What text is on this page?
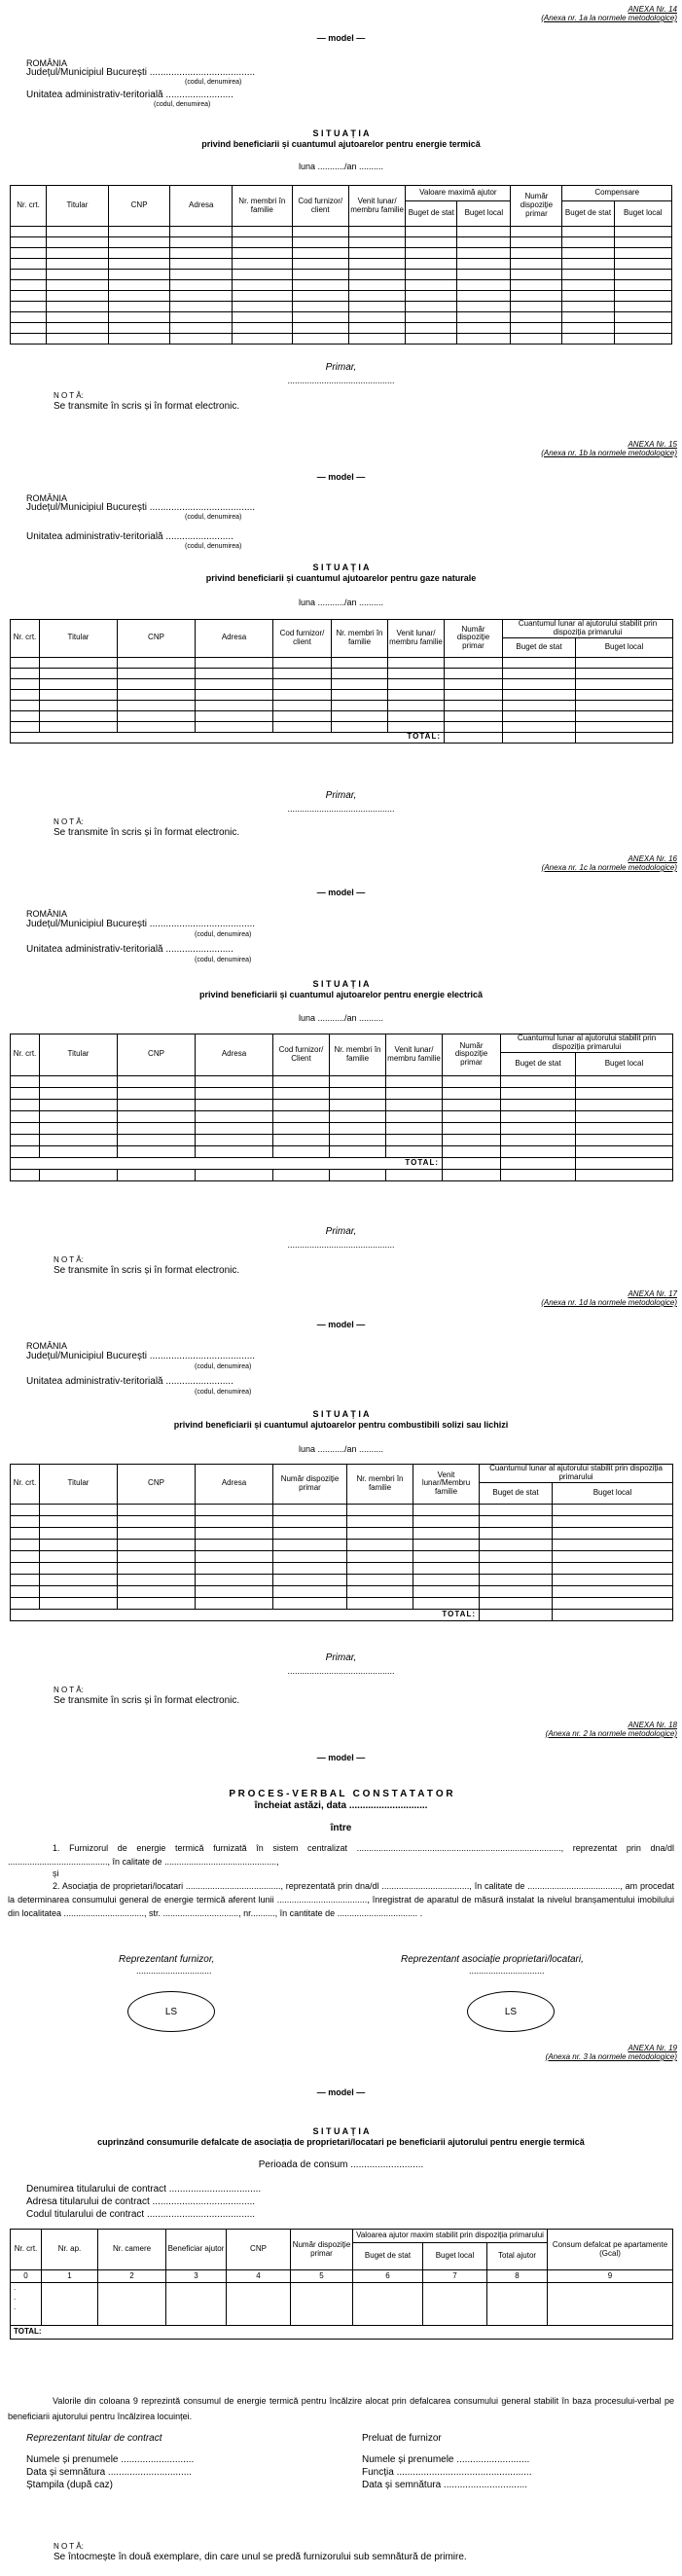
ANEXA Nr. 14
(Anexa nr. 1a la normele metodologice)
— model —
ROMÂNIA
Județul/Municipiul București .......................................
(codul, denumirea)
Unitatea administrativ-teritorială .........................
(codul, denumirea)
S I T U A Ț I A
privind beneficiarii și cuantumul ajutoarelor pentru energie termică
luna .........../an ..........
Nr. crt.	Titular	CNP	Adresa	Nr. membri în familie	Cod furnizor/ client	Venit lunar/ membru familie	Valoare maximă ajutor		Număr dispoziție primar	Compensare	
							Buget de stat	Buget local		Buget de stat	Buget local

Primar,
............................................
N O T Ă:
Se transmite în scris și în format electronic.
ANEXA Nr. 15
(Anexa nr. 1b la normele metodologice)
— model —
ROMÂNIA
Județul/Municipiul București .......................................
(codul, denumirea)
Unitatea administrativ-teritorială .........................
(codul, denumirea)
S I T U A Ț I A
privind beneficiarii și cuantumul ajutoarelor pentru gaze naturale
luna .........../an ..........
Nr. crt.	Titular	CNP	Adresa	Cod furnizor/ client	Nr. membri în familie	Venit lunar/ membru familie	Număr dispoziție primar	Cuantumul lunar al ajutorului stabilit prin dispoziția primarului	
								Buget de stat	Buget local

TOTAL:									
Primar,
............................................
N O T Ă:
Se transmite în scris și în format electronic.
ANEXA Nr. 16
(Anexa nr. 1c la normele metodologice)
— model —
ROMÂNIA
Județul/Municipiul București .......................................
(codul, denumirea)
Unitatea administrativ-teritorială .........................
(codul, denumirea)
S I T U A Ț I A
privind beneficiarii și cuantumul ajutoarelor pentru energie electrică
luna .........../an ..........
Nr. crt.	Titular	CNP	Adresa	Cod furnizor/ Client	Nr. membri în familie	Venit lunar/ membru familie	Număr dispoziție primar	Cuantumul lunar al ajutorului stabilit prin dispoziția primarului	
								Buget de stat	Buget local

TOTAL:									

Primar,
............................................
N O T Ă:
Se transmite în scris și în format electronic.
ANEXA Nr. 17
(Anexa nr. 1d la normele metodologice)
— model —
ROMÂNIA
Județul/Municipiul București .......................................
(codul, denumirea)
Unitatea administrativ-teritorială .........................
(codul, denumirea)
S I T U A Ț I A
privind beneficiarii și cuantumul ajutoarelor pentru combustibili solizi sau lichizi
luna .........../an ..........
Nr. crt.	Titular	CNP	Adresa	Număr dispoziție primar	Nr. membri în familie	Venit lunar/Membru familie	Cuantumul lunar al ajutorului stabilit prin dispoziția primarului	
							Buget de stat	Buget local

TOTAL:								
Primar,
............................................
N O T Ă:
Se transmite în scris și în format electronic.
ANEXA Nr. 18
(Anexa nr. 2 la normele metodologice)
— model —
P R O C E S - V E R B A L   C O N S T A T A T O R
încheiat astăzi, data .............................
între
1. Furnizorul de energie termică furnizată în sistem centralizat ...................................................................................., reprezentat prin dna/dl ........................................., în calitate de ..............................................,
și
2. Asociația de proprietari/locatari ......................................., reprezentată prin dna/dl ...................................., în calitate de ......................................, am procedat la determinarea consumului general de energie termică aferent lunii ....................................., înregistrat de aparatul de măsură instalat la nivelul branșamentului imobilului din localitatea ................................., str. ..............................., nr.........., în cantitate de ................................. .
Reprezentant furnizor,
...............................
Reprezentant asociație proprietari/locatari,
...............................
LS	LS
ANEXA Nr. 19
(Anexa nr. 3 la normele metodologice)
— model —
S I T U A Ț I A
cuprinzând consumurile defalcate de asociația de proprietari/locatari pe beneficiarii ajutorului pentru energie termică
Perioada de consum ...........................
Denumirea titularului de contract ..................................
Adresa titularului de contract ......................................
Codul titularului de contract ........................................
Nr. crt.	Nr. ap.	Nr. camere	Beneficiar ajutor	CNP	Număr dispoziție primar	Valoarea ajutor maxim stabilit prin dispoziția primarului			Consum defalcat pe apartamente (Gcal)
						Buget de stat	Buget local	Total ajutor	
0	1	2	3	4	5	6	7	8	9

.
.
.									

TOTAL:									
Valorile din coloana 9 reprezintă consumul de energie termică pentru încălzire alocat prin defalcarea consumului general stabilit în baza procesului-verbal pe beneficiarii ajutorului pentru încălzirea locuinței.
Reprezentant titular de contract	Preluat de furnizor
Numele și prenumele ...........................
Data și semnătura ...............................
Ștampila (după caz)
Numele și prenumele ...........................
Funcția ..................................................
Data și semnătura ...............................
N O T Ă:
Se întocmește în două exemplare, din care unul se predă furnizorului sub semnătură de primire.
